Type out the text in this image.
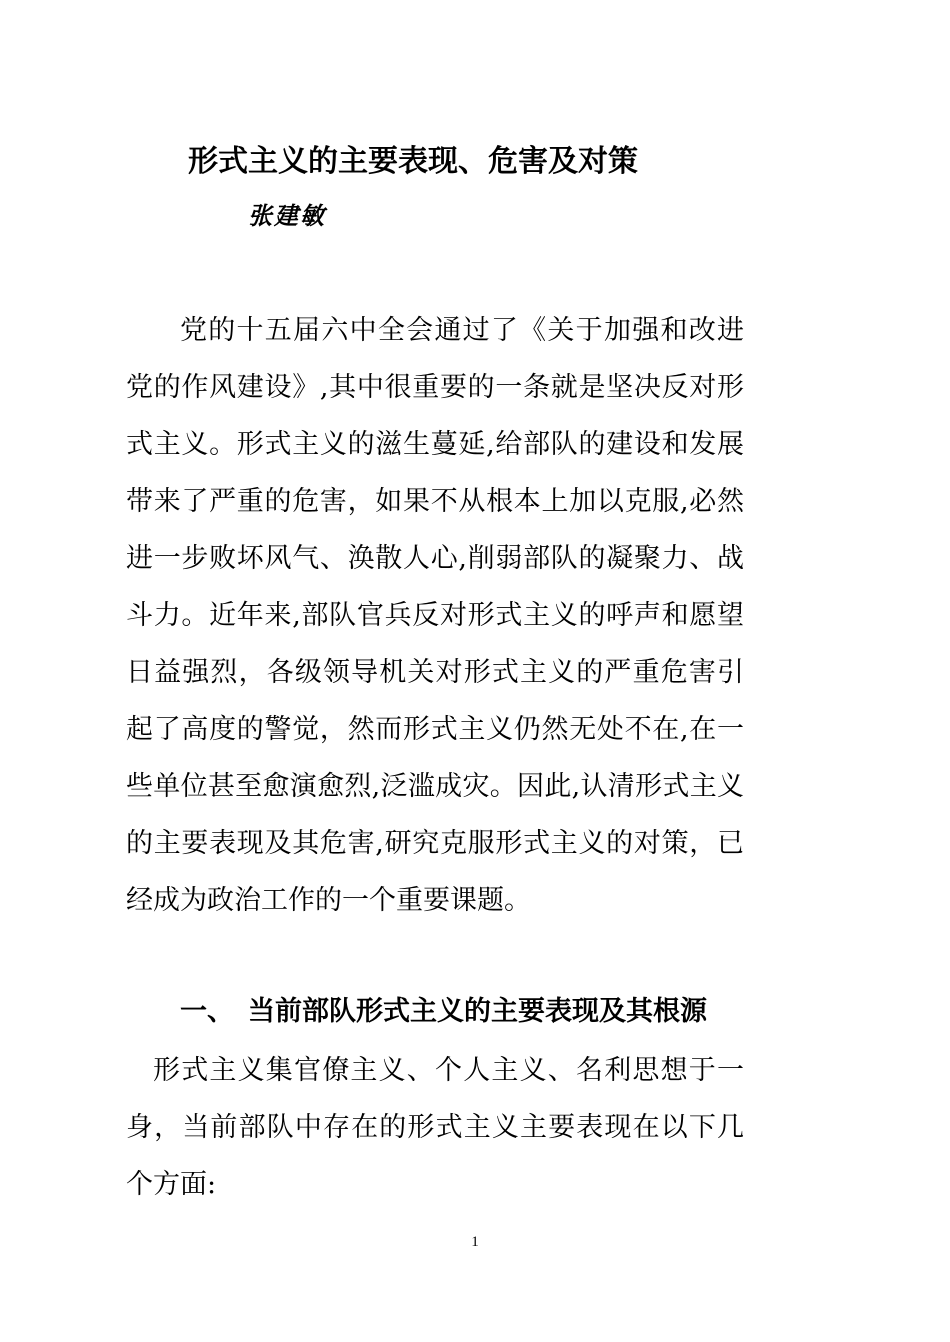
形式主义的主要表现、危害及对策
张建敏
党的十五届六中全会通过了《关于加强和改进党的作风建设》,其中很重要的一条就是坚决反对形式主义。形式主义的滋生蔓延,给部队的建设和发展带来了严重的危害，如果不从根本上加以克服,必然进一步败坏风气、涣散人心,削弱部队的凝聚力、战斗力。近年来,部队官兵反对形式主义的呼声和愿望日益强烈，各级领导机关对形式主义的严重危害引起了高度的警觉，然而形式主义仍然无处不在,在一些单位甚至愈演愈烈,泛滥成灾。因此,认清形式主义的主要表现及其危害,研究克服形式主义的对策，已经成为政治工作的一个重要课题。
一、 当前部队形式主义的主要表现及其根源
形式主义集官僚主义、个人主义、名利思想于一身，当前部队中存在的形式主义主要表现在以下几个方面:
1
